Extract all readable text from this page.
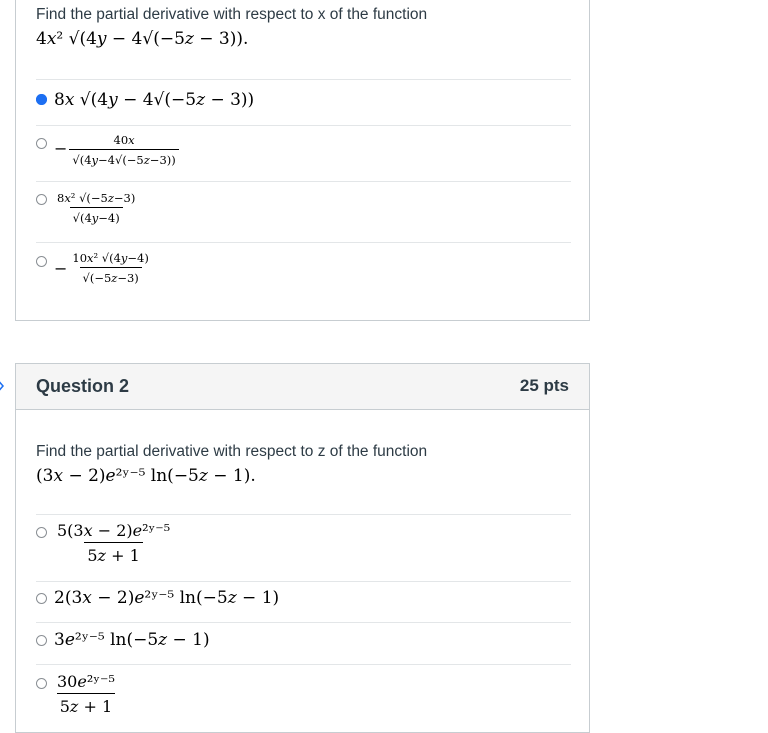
Find the partial derivative with respect to x of the function
4𝑥² √(4𝑦 − 4√(−5𝑧 − 3)).
8𝑥 √(4𝑦 − 4√(−5𝑧 − 3))
− $\frac{\text{40𝑥}}{\text{√(4𝑦−4√(−5𝑧−3))}}$
$\frac{\text{8𝑥² √(−5𝑧−3)}}{\text{√(4𝑦−4)}}$
− $\frac{\text{10𝑥² √(4𝑦−4)}}{\text{√(−5𝑧−3)}}$
Question 2	25 pts
Find the partial derivative with respect to z of the function
(3𝑥 − 2)𝑒²ʸ⁻⁵ ln(−5𝑧 − 1).
$\frac{\text{5(3𝑥 − 2)𝑒²ʸ⁻⁵}}{\text{5𝑧 + 1}}$
2(3𝑥 − 2)𝑒²ʸ⁻⁵ ln(−5𝑧 − 1)
3𝑒²ʸ⁻⁵ ln(−5𝑧 − 1)
$\frac{\text{30𝑒²ʸ⁻⁵}}{\text{5𝑧 + 1}}$
